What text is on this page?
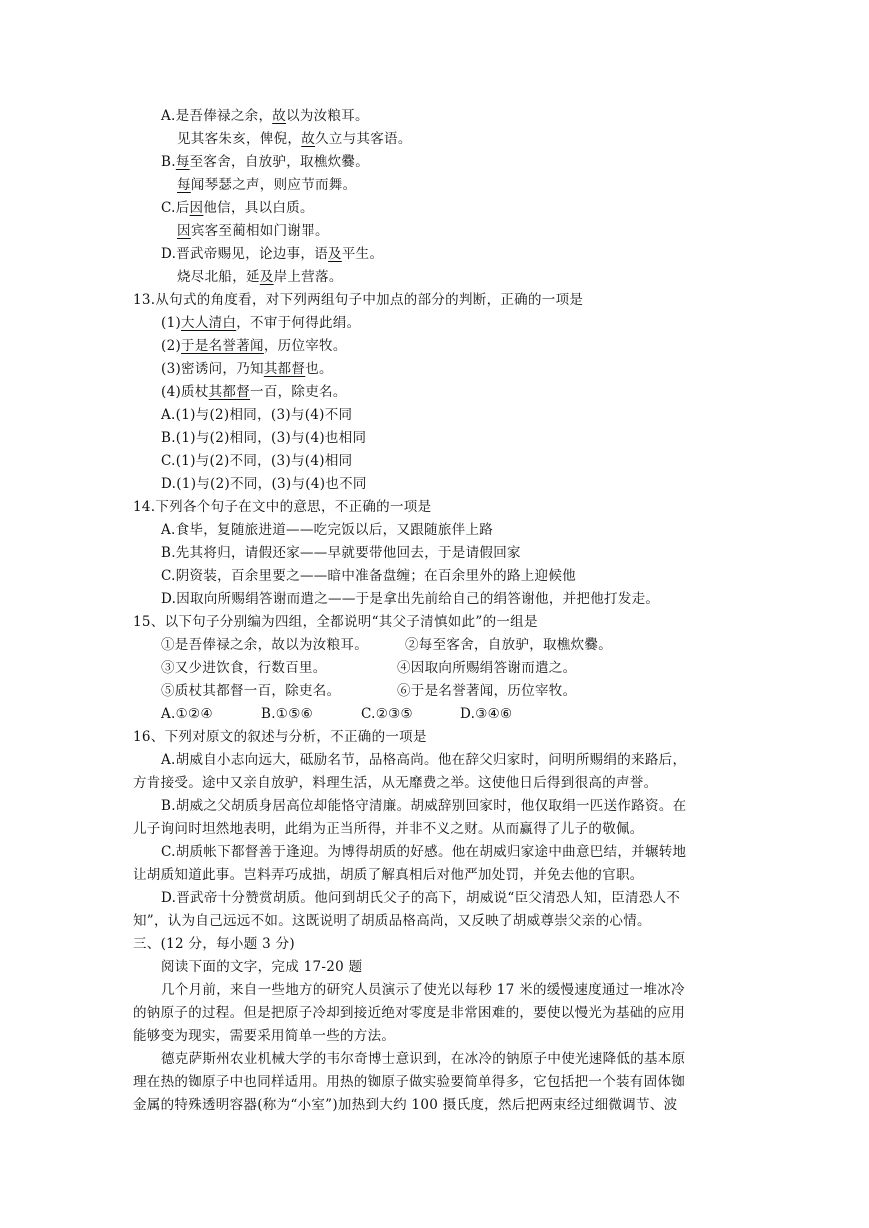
A.是吾俸禄之余，故以为汝粮耳。
见其客朱亥，俾倪，故久立与其客语。
B.每至客舍，自放驴，取樵炊爨。
每闻琴瑟之声，则应节而舞。
C.后因他信，具以白质。
因宾客至蔺相如门谢罪。
D.晋武帝赐见，论边事，语及平生。
烧尽北船，延及岸上营落。
13.从句式的角度看，对下列两组句子中加点的部分的判断，正确的一项是
(1)大人清白，不审于何得此绢。
(2)于是名誉著闻，历位宰牧。
(3)密诱问，乃知其都督也。
(4)质杖其都督一百，除吏名。
A.(1)与(2)相同，(3)与(4)不同
B.(1)与(2)相同，(3)与(4)也相同
C.(1)与(2)不同，(3)与(4)相同
D.(1)与(2)不同，(3)与(4)也不同
14.下列各个句子在文中的意思，不正确的一项是
A.食毕，复随旅进道——吃完饭以后，又跟随旅伴上路
B.先其将归，请假还家——早就要带他回去，于是请假回家
C.阴资装，百余里要之——暗中准备盘缠；在百余里外的路上迎候他
D.因取向所赐绢答谢而遣之——于是拿出先前给自己的绢答谢他，并把他打发走。
15、以下句子分别编为四组，全都说明“其父子清慎如此”的一组是
①是吾俸禄之余，故以为汝粮耳。	②每至客舍，自放驴，取樵炊爨。
③又少进饮食，行数百里。	④因取向所赐绢答谢而遣之。
⑤质杖其都督一百，除吏名。	⑥于是名誉著闻，历位宰牧。
A.①②④	B.①⑤⑥	C.②③⑤	D.③④⑥
16、下列对原文的叙述与分析，不正确的一项是
A.胡威自小志向远大，砥励名节，品格高尚。他在辞父归家时，问明所赐绢的来路后，
方肯接受。途中又亲自放驴，料理生活，从无靡费之举。这使他日后得到很高的声誉。
B.胡威之父胡质身居高位却能恪守清廉。胡威辞别回家时，他仅取绢一匹送作路资。在
儿子询问时坦然地表明，此绢为正当所得，并非不义之财。从而赢得了儿子的敬佩。
C.胡质帐下都督善于逢迎。为博得胡质的好感。他在胡威归家途中曲意巴结，并辗转地
让胡质知道此事。岂料弄巧成拙，胡质了解真相后对他严加处罚，并免去他的官职。
D.晋武帝十分赞赏胡质。他问到胡氏父子的高下，胡威说“臣父清恐人知，臣清恐人不
知”，认为自己远远不如。这既说明了胡质品格高尚，又反映了胡威尊崇父亲的心情。
三、(12 分，每小题 3 分)
阅读下面的文字，完成 17-20 题
几个月前，来自一些地方的研究人员演示了使光以每秒 17 米的缓慢速度通过一堆冰冷
的钠原子的过程。但是把原子冷却到接近绝对零度是非常困难的，要使以慢光为基础的应用
能够变为现实，需要采用简单一些的方法。
德克萨斯州农业机械大学的韦尔奇博士意识到，在冰冷的钠原子中使光速降低的基本原
理在热的铷原子中也同样适用。用热的铷原子做实验要简单得多，它包括把一个装有固体铷
金属的特殊透明容器(称为“小室”)加热到大约 100 摄氏度，然后把两束经过细微调节、波
